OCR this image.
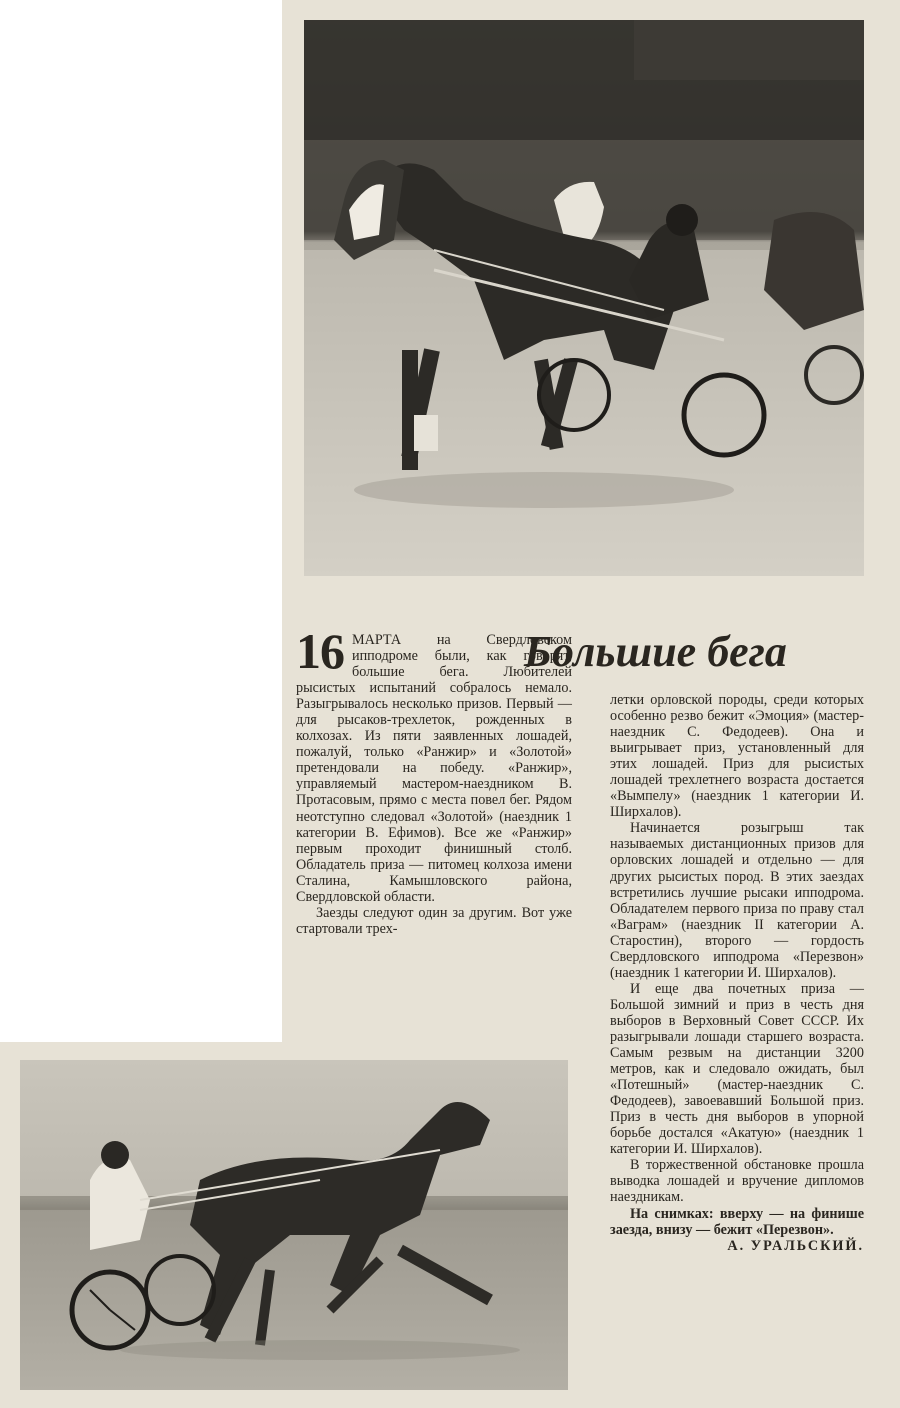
16	Большие бега

МАРТА на Свердловском ипподроме были, как говорят, большие бега. Любителей рысистых испытаний собралось немало. Разыгрывалось несколько призов. Первый — для рысаков-трехлеток, рожденных в колхозах. Из пяти заявленных лошадей, пожалуй, только «Ранжир» и «Золотой» претендовали на победу. «Ранжир», управляемый мастером-наездником В. Протасовым, прямо с места повел бег. Рядом неотступно следовал «Золотой» (наездник 1 категории В. Ефимов). Все же «Ранжир» первым проходит финишный столб. Обладатель приза — питомец колхоза имени Сталина, Камышловского района, Свердловской области.

Заезды следуют один за другим. Вот уже стартовали трех-

летки орловской породы, среди которых особенно резво бежит «Эмоция» (мастер-наездник С. Федодеев). Она и выигрывает приз, установленный для этих лошадей. Приз для рысистых лошадей трехлетнего возраста достается «Вымпелу» (наездник 1 категории И. Ширхалов).

Начинается розыгрыш так называемых дистанционных призов для орловских лошадей и отдельно — для других рысистых пород. В этих заездах встретились лучшие рысаки ипподрома. Обладателем первого приза по праву стал «Ваграм» (наездник II категории А. Старостин), второго — гордость Свердловского ипподрома «Перезвон» (наездник 1 категории И. Ширхалов).

И еще два почетных приза — Большой зимний и приз в честь дня выборов в Верховный Совет СССР. Их разыгрывали лошади старшего возраста. Самым резвым на дистанции 3200 метров, как и следовало ожидать, был «Потешный» (мастер-наездник С. Федодеев), завоевавший Большой приз. Приз в честь дня выборов в упорной борьбе достался «Акатую» (наездник 1 категории И. Ширхалов).

В торжественной обстановке прошла выводка лошадей и вручение дипломов наездникам.

На снимках: вверху — на финише заезда, внизу — бежит «Перезвон».

А. УРАЛЬСКИЙ.
